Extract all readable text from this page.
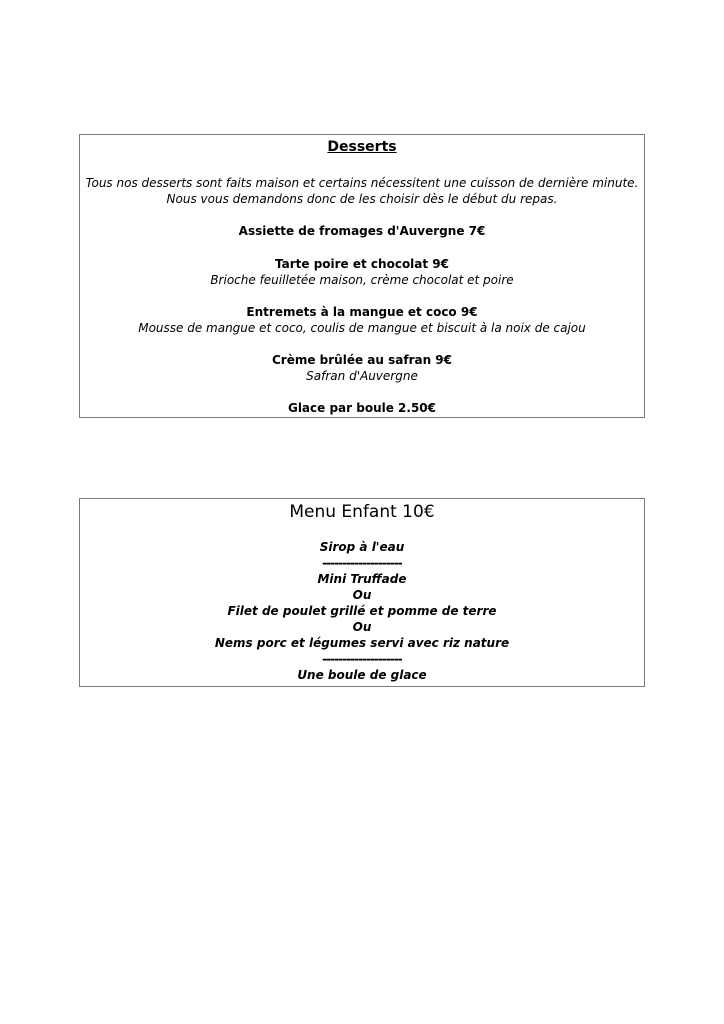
Desserts

Tous nos desserts sont faits maison et certains nécessitent une cuisson de dernière minute.

Nous vous demandons donc de les choisir dès le début du repas.

Assiette de fromages d'Auvergne 7€

Tarte poire et chocolat 9€

Brioche feuilletée maison, crème chocolat et poire

Entremets à la mangue et coco 9€

Mousse de mangue et coco, coulis de mangue et biscuit à la noix de cajou

Crème brûlée au safran 9€

Safran d'Auvergne

Glace par boule 2.50€

Menu Enfant 10€

Sirop à l'eau

--------------------

Mini Truffade

Ou

Filet de poulet grillé et pomme de terre

Ou

Nems porc et légumes servi avec riz nature

--------------------

Une boule de glace
